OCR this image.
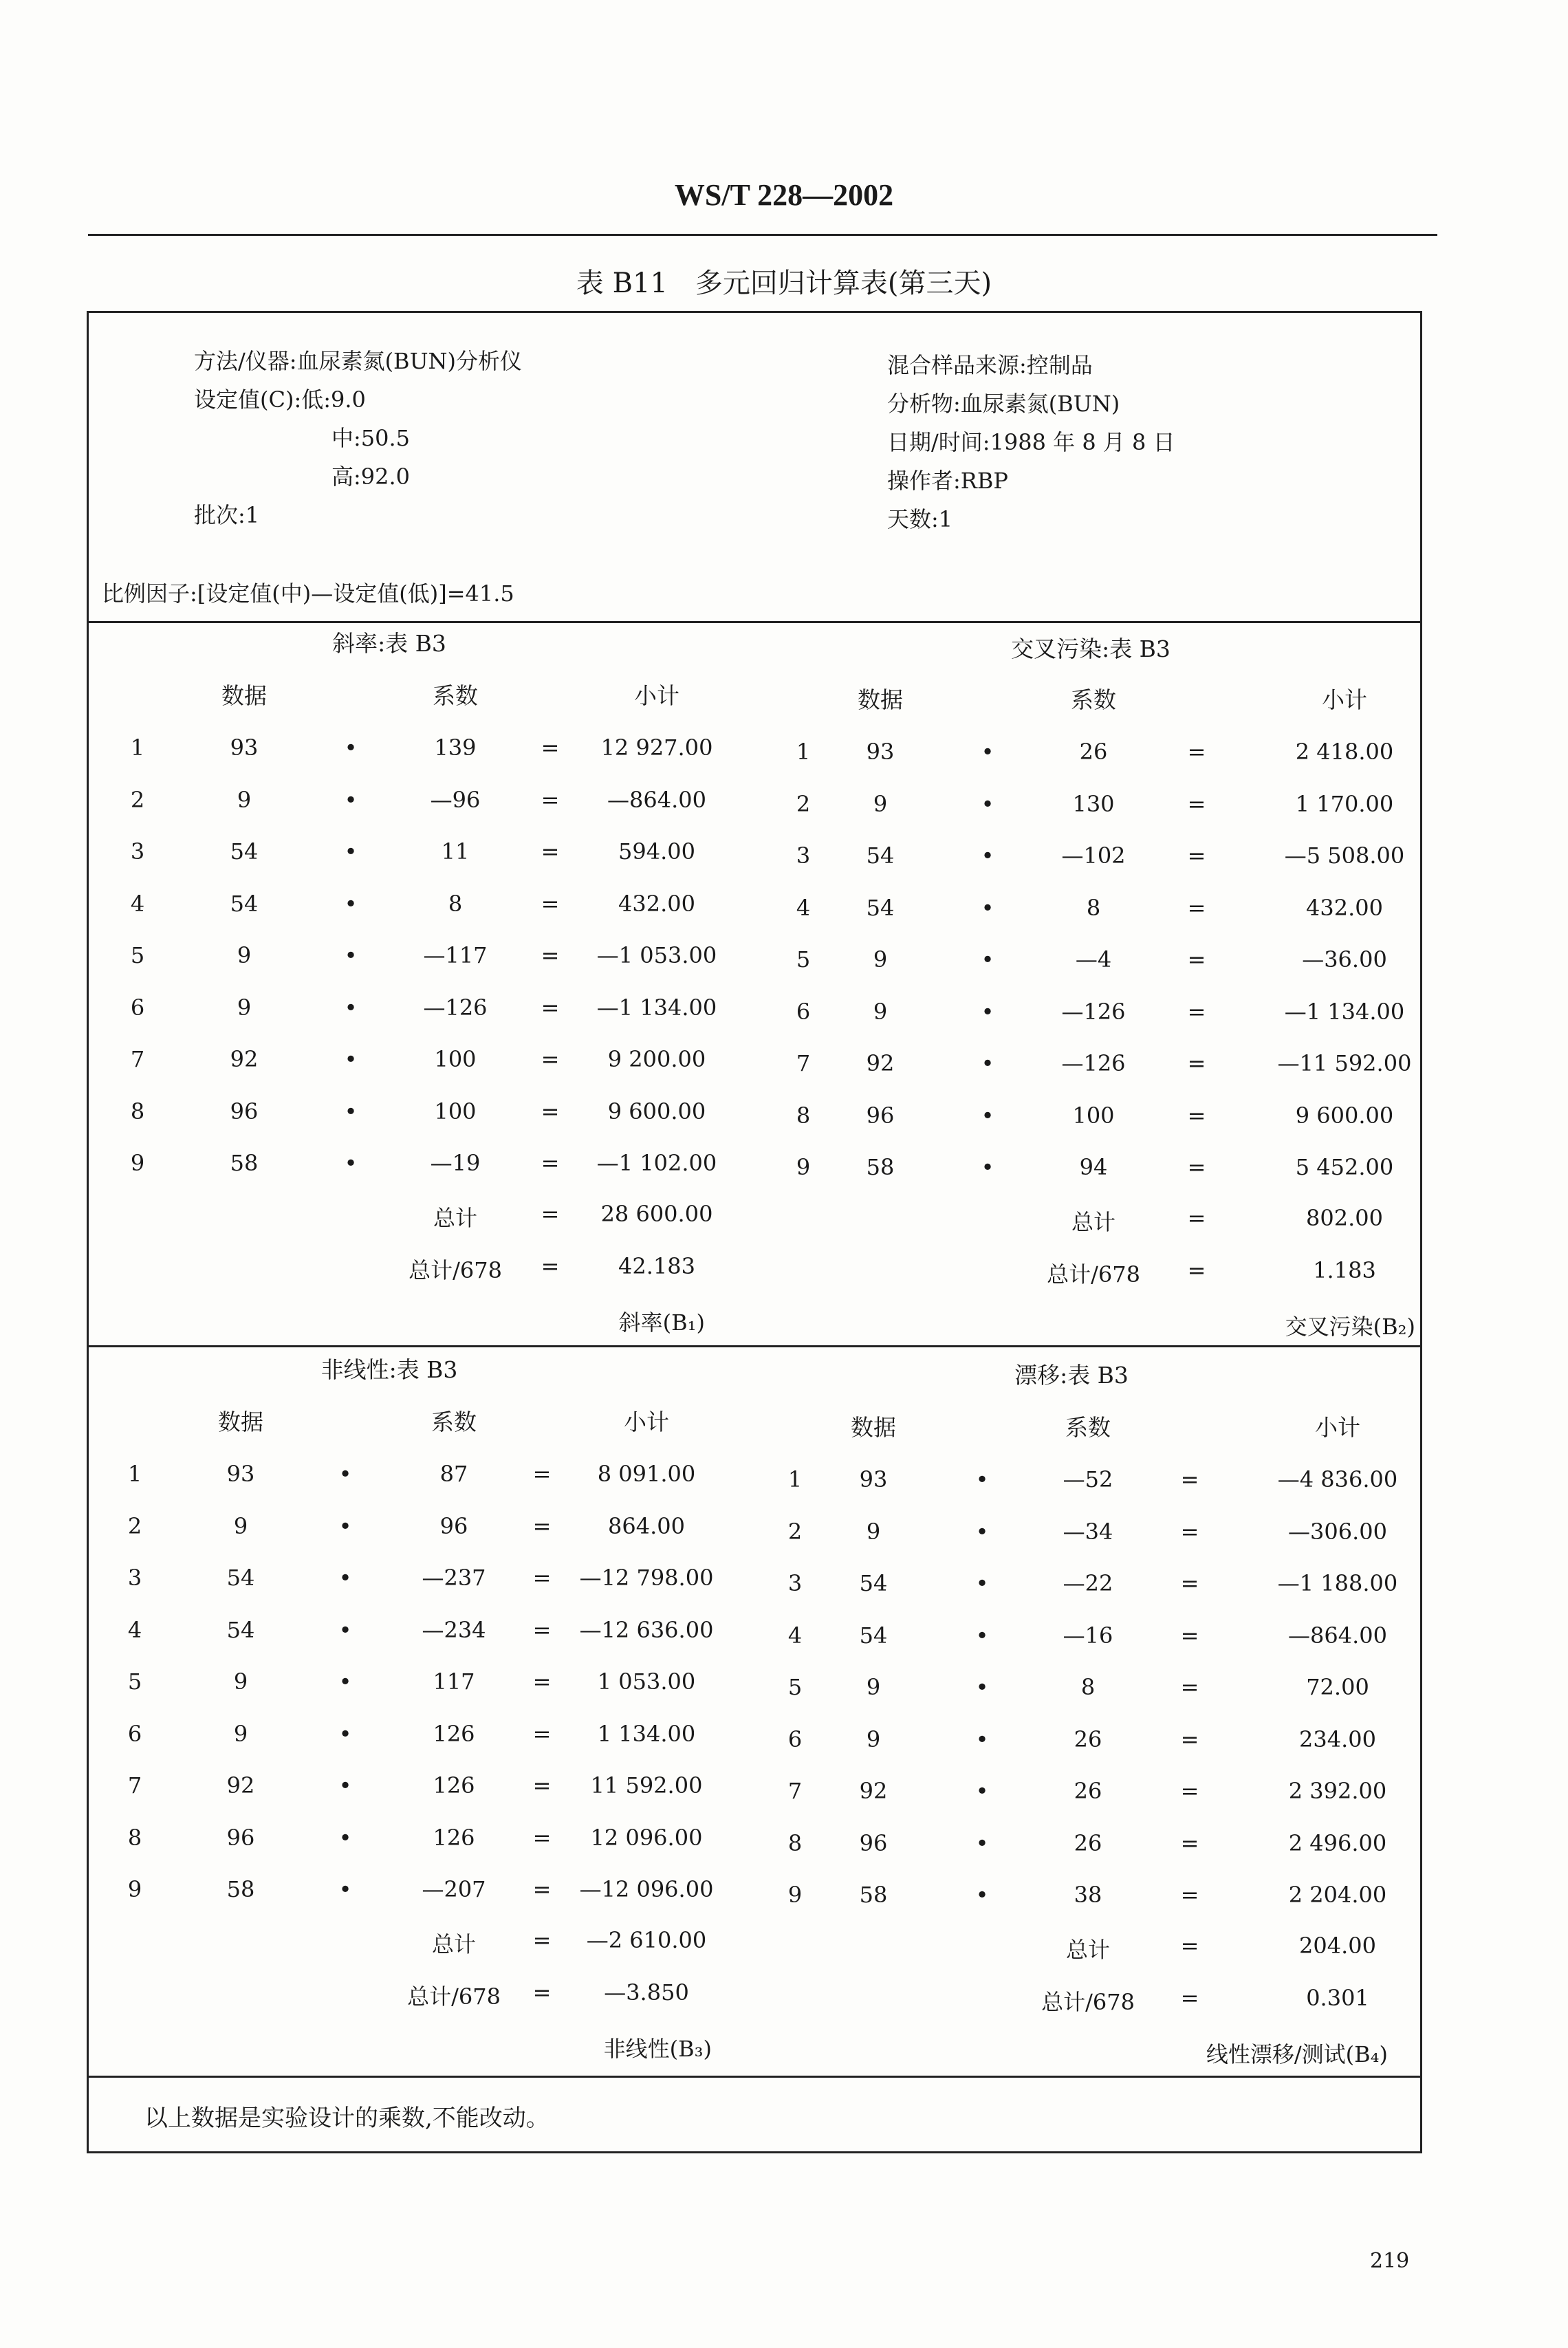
WS/T 228—2002
表 B11　多元回归计算表(第三天)
方法/仪器:血尿素氮(BUN)分析仪
设定值(C):低:9.0
中:50.5
高:92.0
批次:1
混合样品来源:控制品
分析物:血尿素氮(BUN)
日期/时间:1988 年 8 月 8 日
操作者:RBP
天数:1
比例因子:[设定值(中)—设定值(低)]=41.5
斜率:表 B3
数据	系数	小计
1	93	•	139	= 12 927.00
2	9	•	—96	= —864.00
3	54	•	11	=	594.00
4	54	•	8	=	432.00
5	9	•	—117 = —1 053.00
6	9	•	—126 = —1 134.00
7	92	•	100	= 9 200.00
8	96	•	100	= 9 600.00
9	58	•	—19	= —1 102.00
总计	= 28 600.00
总计/678 =	42.183
斜率(B₁)
交叉污染:表 B3
数据	系数	小计
1	93	•	26	=	2 418.00
2	9	•	130	=	1 170.00
3	54	•	—102	=	—5 508.00
4	54	•	8	=	432.00
5	9	•	—4	=	—36.00
6	9	•	—126	=	—1 134.00
7	92	•	—126	=	—11 592.00
8	96	•	100	=	9 600.00
9	58	•	94	=	5 452.00
总计	=	802.00
总计/678 =	1.183
交叉污染(B₂)
非线性:表 B3
数据	系数	小计
1	93	•	87	= 8 091.00
2	9	•	96	=	864.00
3	54	•	—237 = —12 798.00
4	54	•	—234 = —12 636.00
5	9	•	117	= 1 053.00
6	9	•	126	= 1 134.00
7	92	•	126	= 11 592.00
8	96	•	126	= 12 096.00
9	58	•	—207 = —12 096.00
总计	= —2 610.00
总计/678 = —3.850
非线性(B₃)
漂移:表 B3
数据	系数	小计
1	93	•	—52	=	—4 836.00
2	9	•	—34	=	—306.00
3	54	•	—22	=	—1 188.00
4	54	•	—16	=	—864.00
5	9	•	8	=	72.00
6	9	•	26	=	234.00
7	92	•	26	=	2 392.00
8	96	•	26	=	2 496.00
9	58	•	38	=	2 204.00
总计	=	204.00
总计/678 =	0.301
线性漂移/测试(B₄)
以上数据是实验设计的乘数,不能改动。
219
